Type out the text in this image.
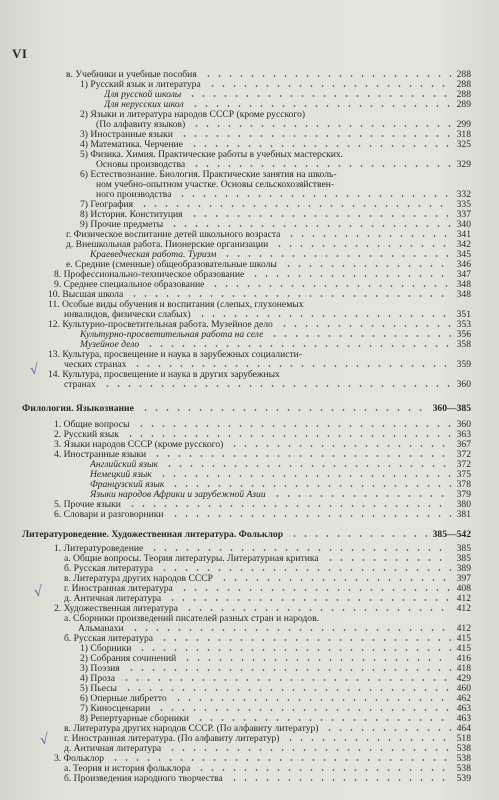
VI
в. Учебники и учебные пособия	288
1) Русский язык и литература	288
Для русской школы	288
Для нерусских школ	289
2) Языки и литература народов СССР (кроме русского)
(По алфавиту языков)	299
3) Иностранные языки	318
4) Математика. Черчение	325
5) Физика. Химия. Практические работы в учебных мастерских.
Основы производства	329
6) Естествознание. Биология. Практические занятия на школь-
ном учебно-опытном участке. Основы сельскохозяйствен-
ного производства	332
7) География	335
8) История. Конституция	337
9) Прочие предметы	340
г. Физическое воспитание детей школьного возраста	341
д. Внешкольная работа. Пионерские организации	342
Краеведческая работа. Туризм	345
е. Средние (сменные) общеобразовательные школы	346
8. Профессионально-техническое образование	347
9. Среднее специальное образование	348
10. Высшая школа	348
11. Особые виды обучения и воспитания (слепых, глухонемых
инвалидов, физически слабых)	351
12. Культурно-просветительная работа. Музейное дело	353
Культурно-просветительная работа на селе	356
Музейное дело	358
13. Культура, просвещение и наука в зарубежных социалисти-
ческих странах	359
14. Культура, просвещение и наука в других зарубежных
странах	360
Филология. Языкознание	360—385
1. Общие вопросы	360
2. Русский язык	363
3. Языки народов СССР (кроме русского)	367
4. Иностранные языки	372
Английский язык	372
Немецкий язык	375
Французский язык	378
Языки народов Африки и зарубежной Азии	379
5. Прочие языки	380
6. Словари и разговорники	381
Литературоведение. Художественная литература. Фольклор	385—542
1. Литературоведение	385
а. Общие вопросы. Теория литературы. Литературная критика	385
б. Русская литература	389
в. Литература других народов СССР	397
г. Иностранная литература	408
д. Античная литература	412
2. Художественная литература	412
а. Сборники произведений писателей разных стран и народов.
Альманахи	412
б. Русская литература	415
1) Сборники	415
2) Собрания сочинений	416
3) Поэзия	418
4) Проза	429
5) Пьесы	460
6) Оперные либретто	462
7) Киносценарии	463
8) Репертуарные сборники	463
в. Литература других народов СССР. (По алфавиту литератур)	464
г. Иностранная литература. (По алфавиту литератур)	518
д. Античная литература	538
3. Фольклор	538
а. Теория и история фольклора	538
б. Произведения народного творчества	539
√
√
√
